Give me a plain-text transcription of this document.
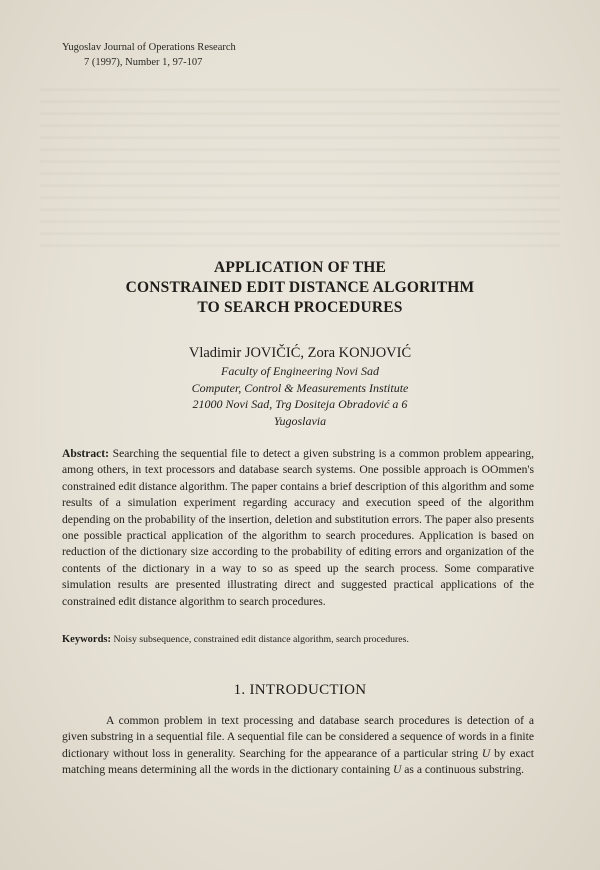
Yugoslav Journal of Operations Research
7 (1997), Number 1, 97-107
APPLICATION OF THE
CONSTRAINED EDIT DISTANCE ALGORITHM
TO SEARCH PROCEDURES
Vladimir JOVIČIĆ, Zora KONJOVIĆ
Faculty of Engineering Novi Sad
Computer, Control & Measurements Institute
21000 Novi Sad, Trg Dositeja Obradović a 6
Yugoslavia
Abstract: Searching the sequential file to detect a given substring is a common problem appearing, among others, in text processors and database search systems. One possible approach is OOmmen's constrained edit distance algorithm. The paper contains a brief description of this algorithm and some results of a simulation experiment regarding accuracy and execution speed of the algorithm depending on the probability of the insertion, deletion and substitution errors. The paper also presents one possible practical application of the algorithm to search procedures. Application is based on reduction of the dictionary size according to the probability of editing errors and organization of the contents of the dictionary in a way to so as speed up the search process. Some comparative simulation results are presented illustrating direct and suggested practical applications of the constrained edit distance algorithm to search procedures.
Keywords: Noisy subsequence, constrained edit distance algorithm, search procedures.
1. INTRODUCTION
A common problem in text processing and database search procedures is detection of a given substring in a sequential file. A sequential file can be considered a sequence of words in a finite dictionary without loss in generality. Searching for the appearance of a particular string U by exact matching means determining all the words in the dictionary containing U as a continuous substring.
